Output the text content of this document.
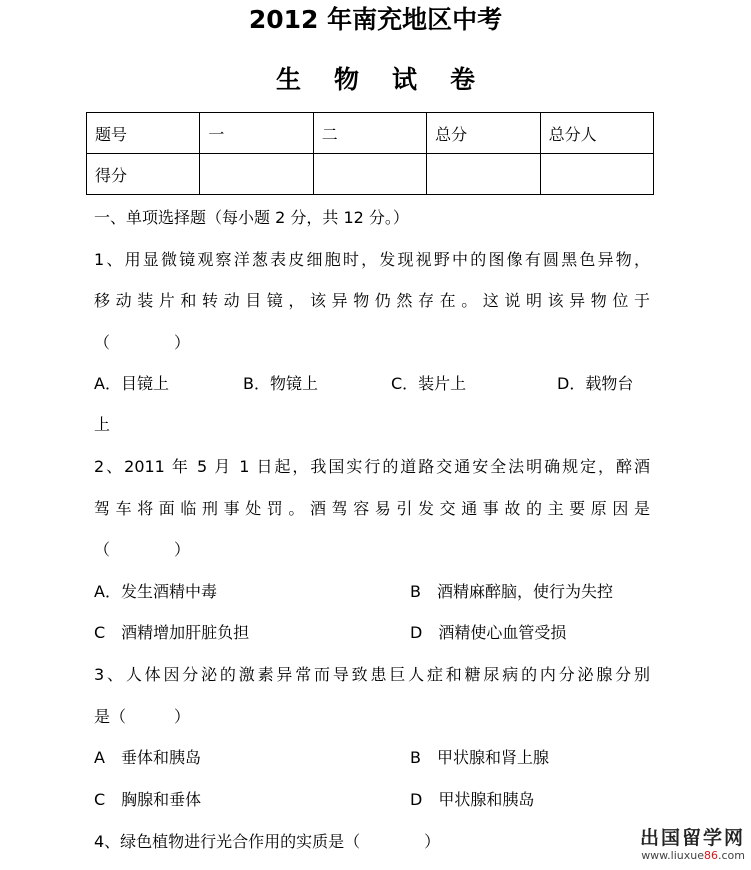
2012 年南充地区中考
生物试卷
题号	一	二	总分	总分人
得分				
一、单项选择题（每小题 2 分，共 12 分。）
1、用显微镜观察洋葱表皮细胞时，发现视野中的图像有圆黑色异物，
移动装片和转动目镜，该异物仍然存在。这说明该异物位于
（　　　　）
A．目镜上	B．物镜上	C．装片上	D．载物台
上
2、2011 年 5 月 1 日起，我国实行的道路交通安全法明确规定，醉酒
驾车将面临刑事处罚。酒驾容易引发交通事故的主要原因是
（　　　　）
A．发生酒精中毒	B　酒精麻醉脑，使行为失控
C　酒精增加肝脏负担	D　酒精使心血管受损
3、人体因分泌的激素异常而导致患巨人症和糖尿病的内分泌腺分别
是（　　　）
A　垂体和胰岛	B　甲状腺和肾上腺
C　胸腺和垂体	D　甲状腺和胰岛
4、绿色植物进行光合作用的实质是（　　　　）	出国留学网
www.liuxue86.com
